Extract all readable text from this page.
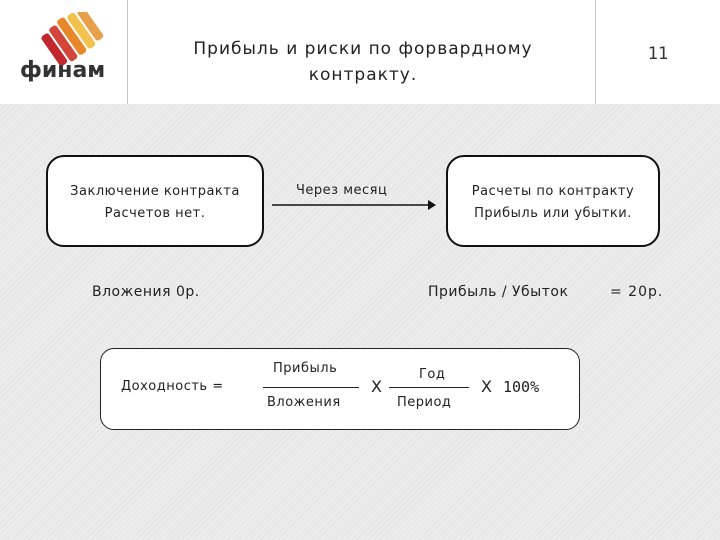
финам
Прибыль и риски по форвардному
контракту.
11
Заключение контракта
Расчетов нет.
Через месяц	Расчеты по контракту
Прибыль или убытки.
Вложения 0р.	Прибыль / Убыток	= 20р.
Доходность =
Прибыль
Вложения
X
Год
Период
X 100%
